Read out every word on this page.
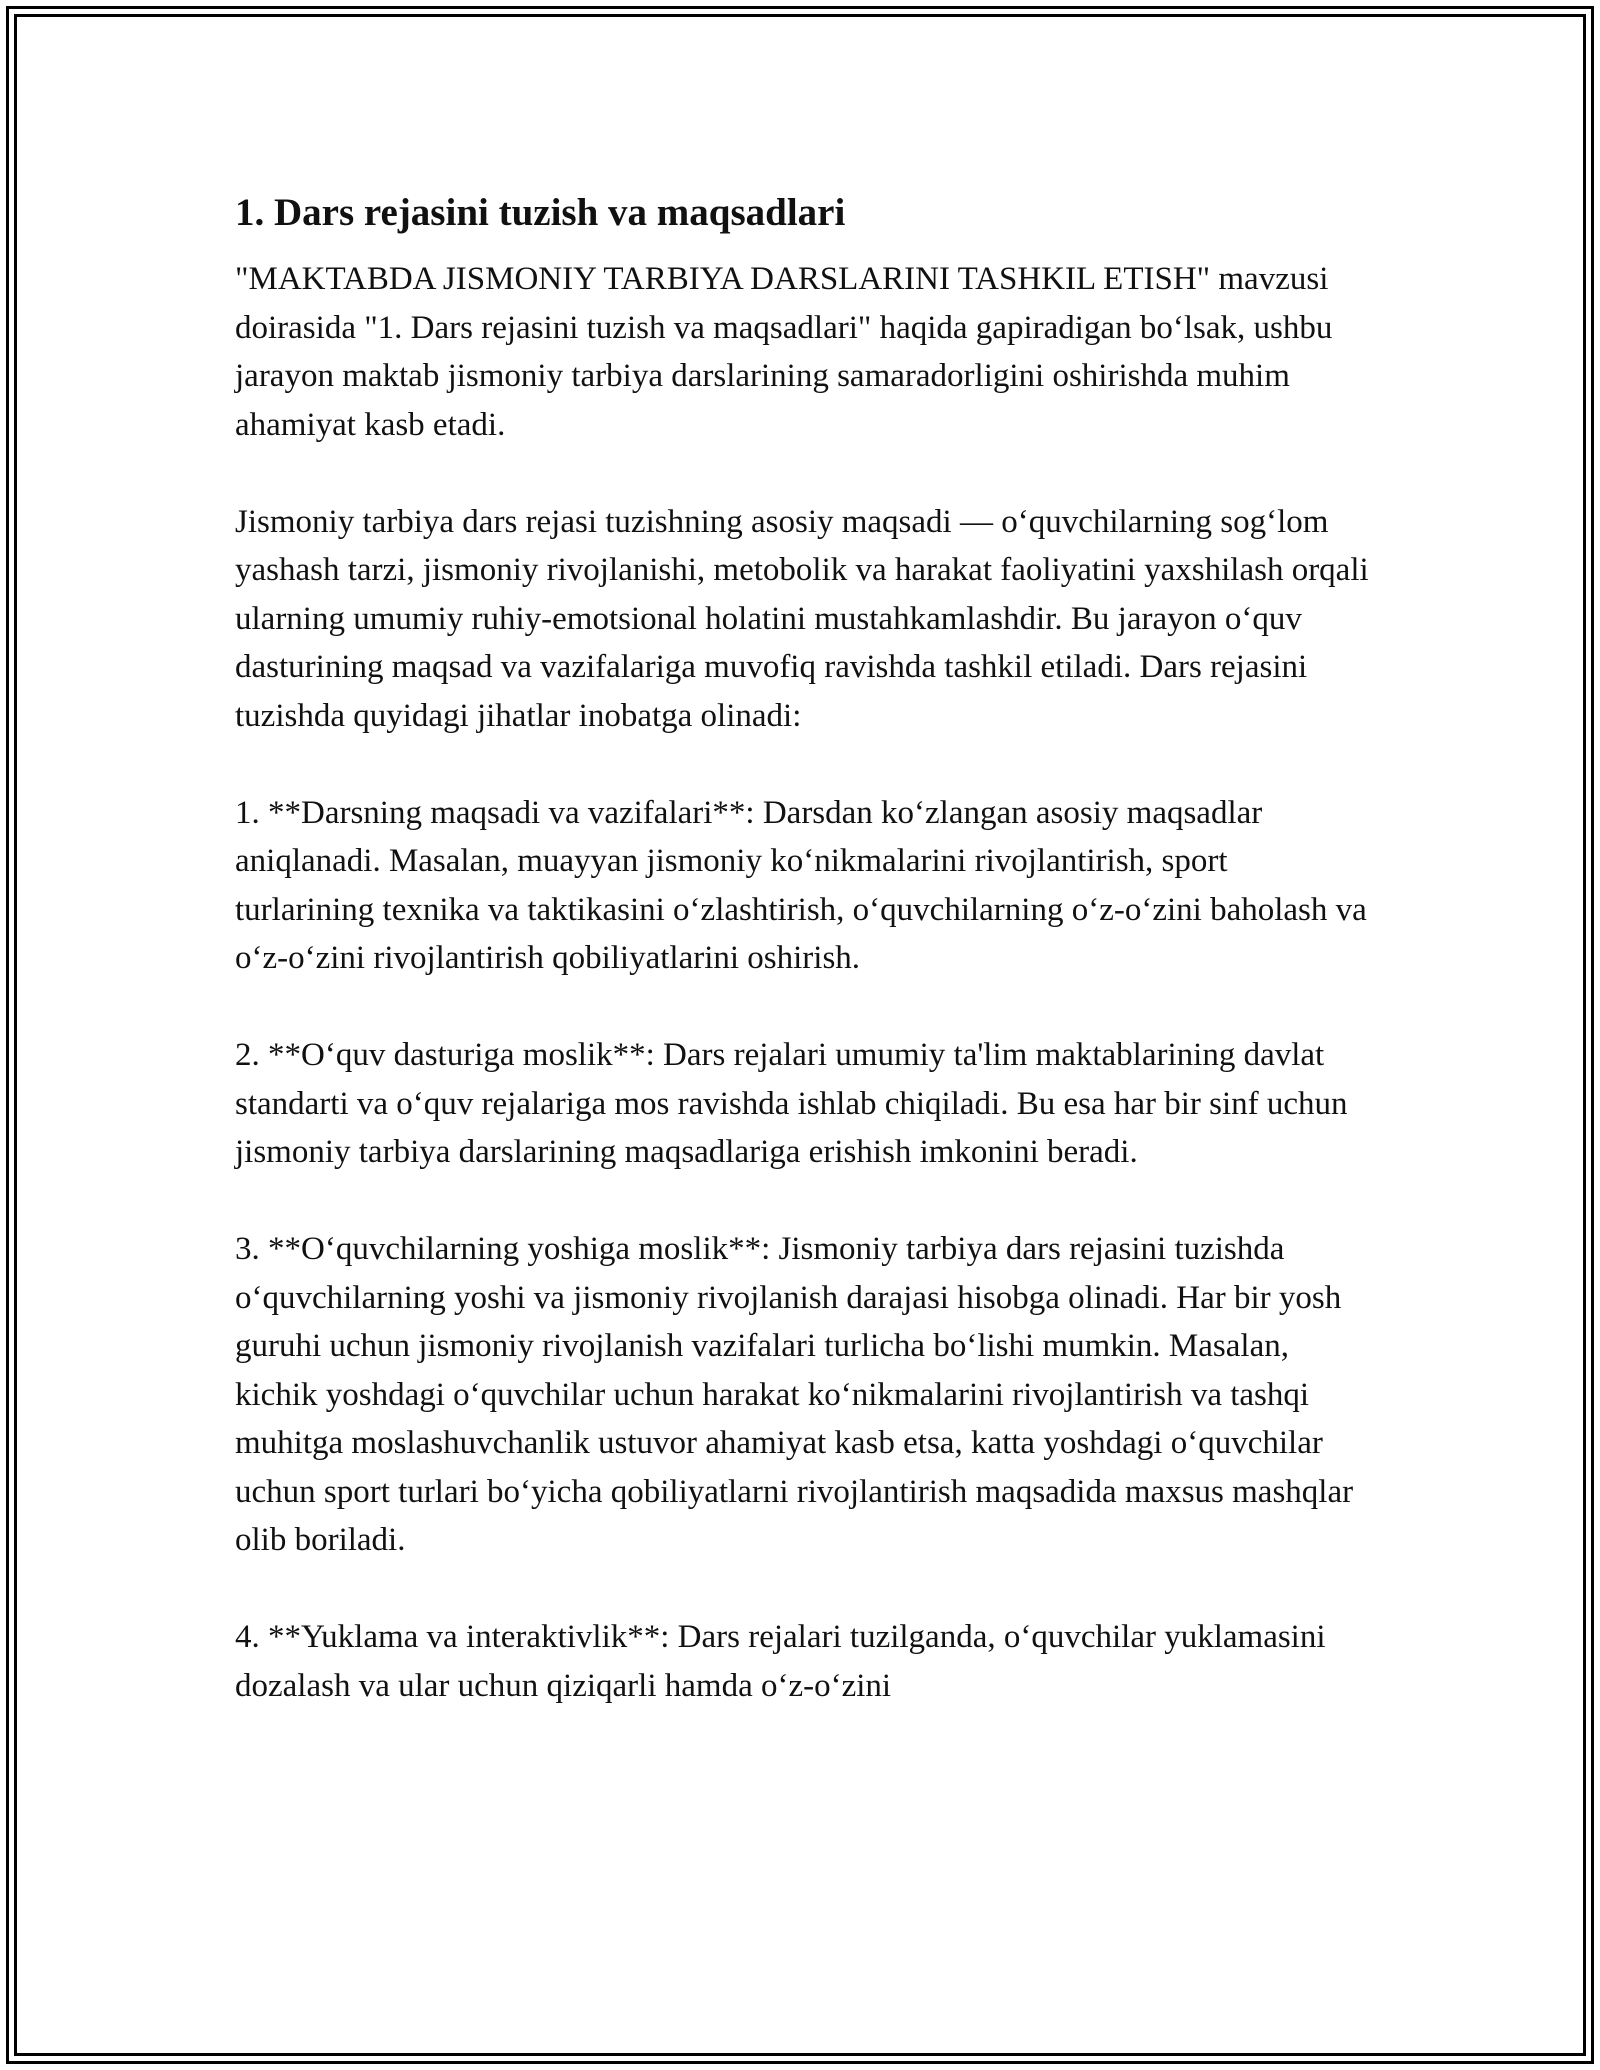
1. Dars rejasini tuzish va maqsadlari

"MAKTABDA JISMONIY TARBIYA DARSLARINI TASHKIL ETISH" mavzusi doirasida "1. Dars rejasini tuzish va maqsadlari" haqida gapiradigan bo‘lsak, ushbu jarayon maktab jismoniy tarbiya darslarining samaradorligini oshirishda muhim ahamiyat kasb etadi.

Jismoniy tarbiya dars rejasi tuzishning asosiy maqsadi — o‘quvchilarning sog‘lom yashash tarzi, jismoniy rivojlanishi, metobolik va harakat faoliyatini yaxshilash orqali ularning umumiy ruhiy-emotsional holatini mustahkamlashdir. Bu jarayon o‘quv dasturining maqsad va vazifalariga muvofiq ravishda tashkil etiladi. Dars rejasini tuzishda quyidagi jihatlar inobatga olinadi:

1. **Darsning maqsadi va vazifalari**: Darsdan ko‘zlangan asosiy maqsadlar aniqlanadi. Masalan, muayyan jismoniy ko‘nikmalarini rivojlantirish, sport turlarining texnika va taktikasini o‘zlashtirish, o‘quvchilarning o‘z-o‘zini baholash va o‘z-o‘zini rivojlantirish qobiliyatlarini oshirish.

2. **O‘quv dasturiga moslik**: Dars rejalari umumiy ta'lim maktablarining davlat standarti va o‘quv rejalariga mos ravishda ishlab chiqiladi. Bu esa har bir sinf uchun jismoniy tarbiya darslarining maqsadlariga erishish imkonini beradi.

3. **O‘quvchilarning yoshiga moslik**: Jismoniy tarbiya dars rejasini tuzishda o‘quvchilarning yoshi va jismoniy rivojlanish darajasi hisobga olinadi. Har bir yosh guruhi uchun jismoniy rivojlanish vazifalari turlicha bo‘lishi mumkin. Masalan, kichik yoshdagi o‘quvchilar uchun harakat ko‘nikmalarini rivojlantirish va tashqi muhitga moslashuvchanlik ustuvor ahamiyat kasb etsa, katta yoshdagi o‘quvchilar uchun sport turlari bo‘yicha qobiliyatlarni rivojlantirish maqsadida maxsus mashqlar olib boriladi.

4. **Yuklama va interaktivlik**: Dars rejalari tuzilganda, o‘quvchilar yuklamasini dozalash va ular uchun qiziqarli hamda o‘z-o‘zini
